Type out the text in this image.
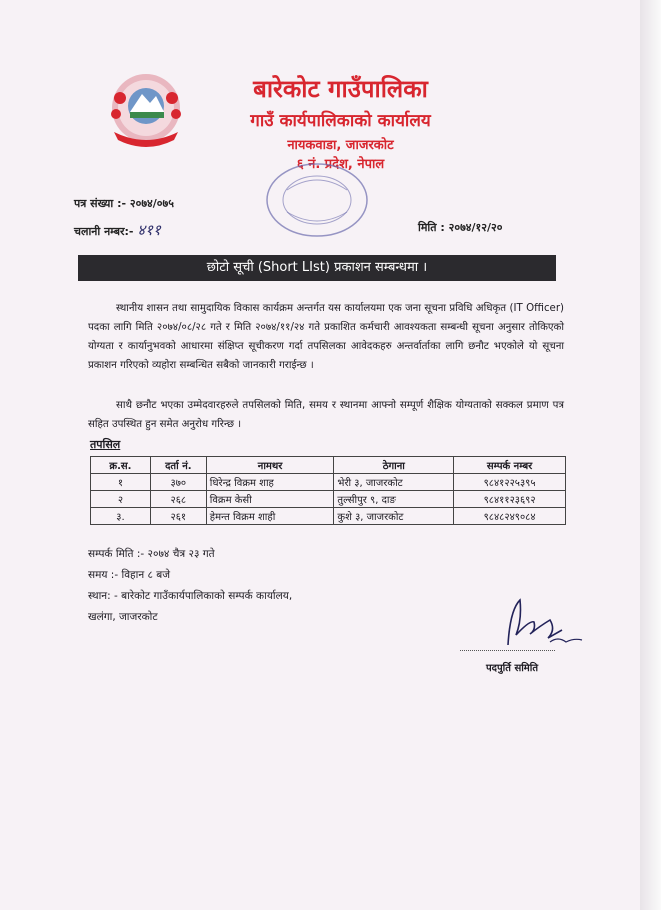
बारेकोट गाउँपालिका
गाउँ कार्यपालिकाको कार्यालय
नायकवाडा, जाजरकोट
६ नं. प्रदेश, नेपाल
पत्र संख्या :- २०७४/०७५
चलानी नम्बर:- ४११	मिति : २०७४/१२/२०
छोटो सूची (Short LIst) प्रकाशन सम्बन्धमा ।
स्थानीय शासन तथा सामुदायिक विकास कार्यक्रम अन्तर्गत यस कार्यालयमा एक जना सूचना प्रविधि अधिकृत (IT Officer) पदका लागि मिति २०७४/०८/२८ गते र मिति २०७४/११/२४ गते प्रकाशित कर्मचारी आवश्यकता सम्बन्धी सूचना अनुसार तोकिएको योग्यता र कार्यानुभवको आधारमा संक्षिप्त सूचीकरण गर्दा तपसिलका आवेदकहरु अन्तर्वार्ताका लागि छनौट भएकोले यो सूचना प्रकाशन गरिएको व्यहोरा सम्बन्धित सबैको जानकारी गराईन्छ ।
साथै छनौट भएका उम्मेदवारहरुले तपसिलको मिति, समय र स्थानमा आफ्नो सम्पूर्ण शैक्षिक योग्यताको सक्कल प्रमाण पत्र सहित उपस्थित हुन समेत अनुरोध गरिन्छ ।
तपसिल
क्र.स.	दर्ता नं.	नामथर	ठेगाना	सम्पर्क नम्बर
१	३७०	धिरेन्द्र विक्रम शाह	भेरी ३, जाजरकोट	९८४१२२५३९५
२	२६८	विक्रम केसी	तुल्सीपुर ९, दाङ	९८४११२३६९२
३.	२६१	हेमन्त विक्रम शाही	कुशे ३, जाजरकोट	९८४८२४९०८४
सम्पर्क मिति :- २०७४ चैत्र २३ गते
समय :- विहान ८ बजे
स्थान: - बारेकोट गाउँकार्यपालिकाको सम्पर्क कार्यालय,
खलंगा, जाजरकोट
पदपुर्ति समिति
